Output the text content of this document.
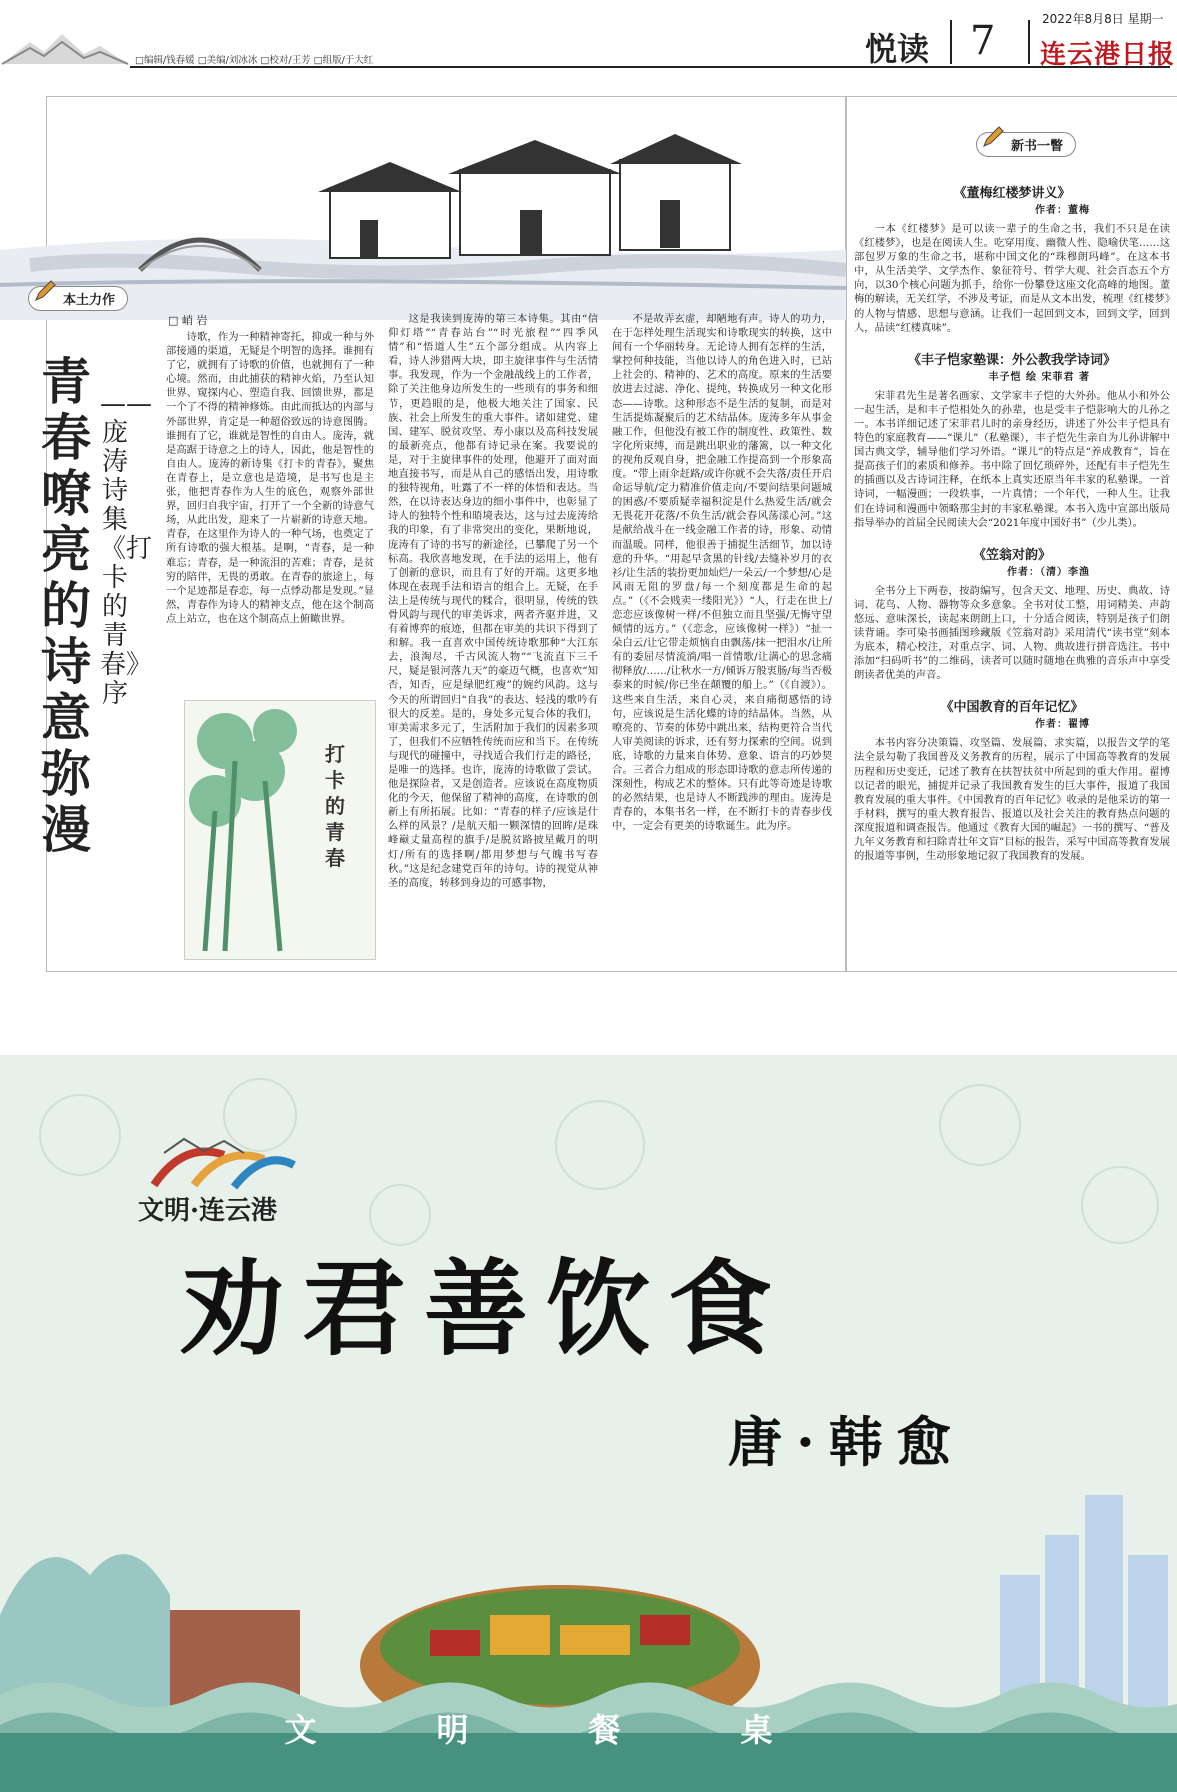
□编辑/钱春媛 □美编/刘冰冰 □校对/王芳 □组版/于大红	悦读 7	2022年8月8日 星期一
连云港日报
本土力作
青春嘹亮的诗意弥漫
——庞涛诗集《打卡的青春》序
□ 峭 岩

诗歌，作为一种精神寄托，抑或一种与外部接通的渠道，无疑是个明智的选择。谁拥有了它，就拥有了诗歌的价值，也就拥有了一种心境。然而，由此捕获的精神火焰，乃至认知世界、窥探内心、塑造自我、回馈世界，都是一个了不得的精神修炼。由此而抵达的内部与外部世界，肯定是一种超俗致远的诗意图腾。谁拥有了它，谁就是智性的自由人。庞涛，就是高踞于诗意之上的诗人，因此，他是智性的自由人。庞涛的新诗集《打卡的青春》，聚焦在青春上，是立意也是造境，是书写也是主张，他把青春作为人生的底色，观察外部世界，回归自我宇宙，打开了一个全新的诗意气场，从此出发，迎来了一片崭新的诗意天地。青春，在这里作为诗人的一种气场，也奠定了所有诗歌的强大根基。是啊，“青春，是一种难忘；青春，是一种流泪的苦难；青春，是贫穷的陪伴，无畏的勇敢。在青春的旅途上，每一个足迹都是春恋，每一点悸动都是发现。”显然，青春作为诗人的精神支点，他在这个制高点上站立，也在这个制高点上俯瞰世界。

这是我读到庞涛的第三本诗集。其由“信仰灯塔”“青春站台”“时光旅程”“四季风情”和“悟道人生”五个部分组成。从内容上看，诗人涉猎两大块，即主旋律事件与生活情事。我发现，作为一个金融战线上的工作者，除了关注他身边所发生的一些琐有的事务和细节，更趋眼的是，他极大地关注了国家、民族、社会上所发生的重大事件。诸如建党、建国、建军、脱贫攻坚、寿小康以及高科技发展的最新亮点，他都有诗记录在案。我要说的是，对于主旋律事件的处理，他避开了面对面地直接书写，而是从自己的感悟出发，用诗歌的独特视角，吐露了不一样的体悟和表达。当然，在以诗表达身边的细小事件中，也彰显了诗人的独特个性和晤境表达，这与过去庞涛给我的印象，有了非常突出的变化，果断地说，庞涛有了诗的书写的新途径，已攀爬了另一个标高。我欣喜地发现，在手法的运用上，他有了创新的意识，而且有了好的开端。这更多地体现在表现手法和语言的组合上。无疑，在手法上是传统与现代的糅合，很明显，传统的铁骨风韵与现代的审美诉求，两者齐驱并进，又有着博弈的痕迹，但都在审美的共识下得到了和解。我一直喜欢中国传统诗歌那种“大江东去，浪淘尽，千古风流人物”“飞流直下三千尺，疑是银河落九天”的豪迈气概，也喜欢“知否，知否，应是绿肥红瘦”的婉约风韵。这与今天的所谓回归“自我”的表达、轻浅的歌吟有很大的反差。是的，身处多元复合体的我们，审美需求多元了，生活附加于我们的因素多项了，但我们不应牺牲传统而应和当下。在传统与现代的碰撞中，寻找适合我们行走的路径，是唯一的选择。也许，庞涛的诗歌做了尝试。他是探险者，又是创造者。应该说在高度物质化的今天，他保留了精神的高度，在诗歌的创新上有所拓展。比如：“青春的样子/应该是什么样的风景？/是航天船一颗深情的回眸/是珠峰巅丈量高程的旗手/是脱贫路披星戴月的明灯/所有的选择啊/都用梦想与气魄书写春秋。”这是纪念建党百年的诗句。诗的视觉从神圣的高度，转移到身边的可感事物，

不是故弄玄虚，却陋地有声。诗人的功力，在于怎样处理生活现实和诗歌现实的转换，这中间有一个华丽转身。无论诗人拥有怎样的生活，掌控何种技能，当他以诗人的角色进入时，已站上社会的、精神的、艺术的高度。原来的生活要放进去过滤、净化、提纯，转换成另一种文化形态——诗歌。这种形态不是生活的复制，而是对生活提炼凝聚后的艺术结晶体。庞涛多年从事金融工作，但他没有被工作的制度性、政策性、数字化所束缚，而是跳出职业的藩篱，以一种文化的视角反观自身，把金融工作提高到一个形象高度。“带上雨伞赶路/或许你就不会失落/责任开启命运导航/定力精准价值走向/不要问结果问题城的困惑/不要质疑幸福积淀是什么热爱生活/就会无畏花开花落/不负生活/就会春风荡漾心河。”这是献给战斗在一线金融工作者的诗，形象、动情而温暖。同样，他很善于捕捉生活细节，加以诗意的升华。“用起早贪黑的针线/去缝补岁月的衣衫/让生活的装扮更加灿烂/一朵云/一个梦想/心是风雨无阻的罗盘/每一个刻度都是生命的起点。”（《不会贱卖一缕阳光》）“人，行走在世上/恋恋应该像树一样/不但独立而且坚强/无悔守望倾情的远方。”（《恋念，应该像树一样》）“扯一朵白云/让它带走烦恼自由飘荡/抹一把泪水/让所有的委屈尽情流淌/唱一首情歌/让满心的思念痛彻释放/……/让秋水一方/倾诉万般衷肠/每当否极泰来的时候/你已坐在颠覆的船上。”（《自渡》）。这些来自生活，来自心灵，来自痛彻感悟的诗句，应该说是生活化蝶的诗的结晶体。当然，从嘹亮的、节奏的体势中跳出来，结构更符合当代人审美阅读的诉求，还有努力探索的空间。说到底，诗歌的力量来自体势、意象、语言的巧妙契合。三者合力组成的形态即诗歌的意志所传递的深刻性，构成艺术的整体。只有此等奇迹是诗歌的必然结果，也是诗人不断践涉的理由。庞涛是青春的，本集书名一样，在不断打卡的青春步伐中，一定会有更美的诗歌诞生。此为序。

打卡的青春
新书一瞥
《董梅红楼梦讲义》
作者：董梅

一本《红楼梦》是可以读一辈子的生命之书，我们不只是在读《红楼梦》，也是在阅读人生。吃穿用度、幽微人性、隐喻伏笔……这部包罗万象的生命之书，堪称中国文化的“珠穆朗玛峰”。在这本书中，从生活美学、文学杰作、象征符号、哲学大观、社会百态五个方向，以30个核心问题为抓手，给你一份攀登这座文化高峰的地图。董梅的解读，无关红学，不涉及考证，而是从文本出发，梳理《红楼梦》的人物与情感、思想与意涵。让我们一起回到文本，回到文学，回到人，品读“红楼真味”。

《丰子恺家塾课：外公教我学诗词》
丰子恺 绘 宋菲君 著

宋菲君先生是著名画家、文学家丰子恺的大外孙。他从小和外公一起生活，是和丰子恺相处久的孙辈，也是受丰子恺影响大的儿孙之一。本书详细记述了宋菲君儿时的亲身经历，讲述了外公丰子恺具有特色的家庭教育——“课儿”（私塾课），丰子恺先生亲自为儿孙讲解中国古典文学，辅导他们学习外语。“课儿”的特点是“养成教育”，旨在提高孩子们的素质和修养。书中除了回忆琐碎外，还配有丰子恺先生的插画以及古诗词注释，在纸本上真实还原当年丰家的私塾课。一首诗词，一幅漫画；一段轶事，一片真情；一个年代，一种人生。让我们在诗词和漫画中领略那尘封的丰家私塾课。本书入选中宣部出版局指导举办的首届全民阅读大会“2021年度中国好书”（少儿类）。

《笠翁对韵》
作者：（清）李渔

全书分上下两卷，按韵编写，包含天文、地理、历史、典故、诗词、花鸟、人物、器物等众多意象。全书对仗工整，用词精美、声韵悠远、意味深长，读起来朗朗上口，十分适合阅读，特别是孩子们朗读背诵。李可染书画插图珍藏版《笠翁对韵》采用清代“读书堂”刻本为底本，精心校注，对重点字、词、人物、典故进行拼音选注。书中添加“扫码听书”的二维码，读者可以随时随地在典雅的音乐声中享受朗读者优美的声音。

《中国教育的百年记忆》
作者：翟博

本书内容分决策篇、攻坚篇、发展篇、求实篇，以报告文学的笔法全景勾勒了我国普及义务教育的历程，展示了中国高等教育的发展历程和历史变迁，记述了教育在扶智扶贫中所起到的重大作用。翟博以记者的眼光，捕捉并记录了我国教育发生的巨大事件，报道了我国教育发展的重大事件。《中国教育的百年记忆》收录的是他采访的第一手材料，撰写的重大教育报告、报道以及社会关注的教育热点问题的深度报道和调查报告。他通过《教育大国的崛起》一书的撰写、“普及九年义务教育和扫除青壮年文盲”目标的报告，采写中国高等教育发展的报道等事例，生动形象地记叙了我国教育的发展。

文明·连云港
劝君善饮食
唐·韩愈
文明餐桌
